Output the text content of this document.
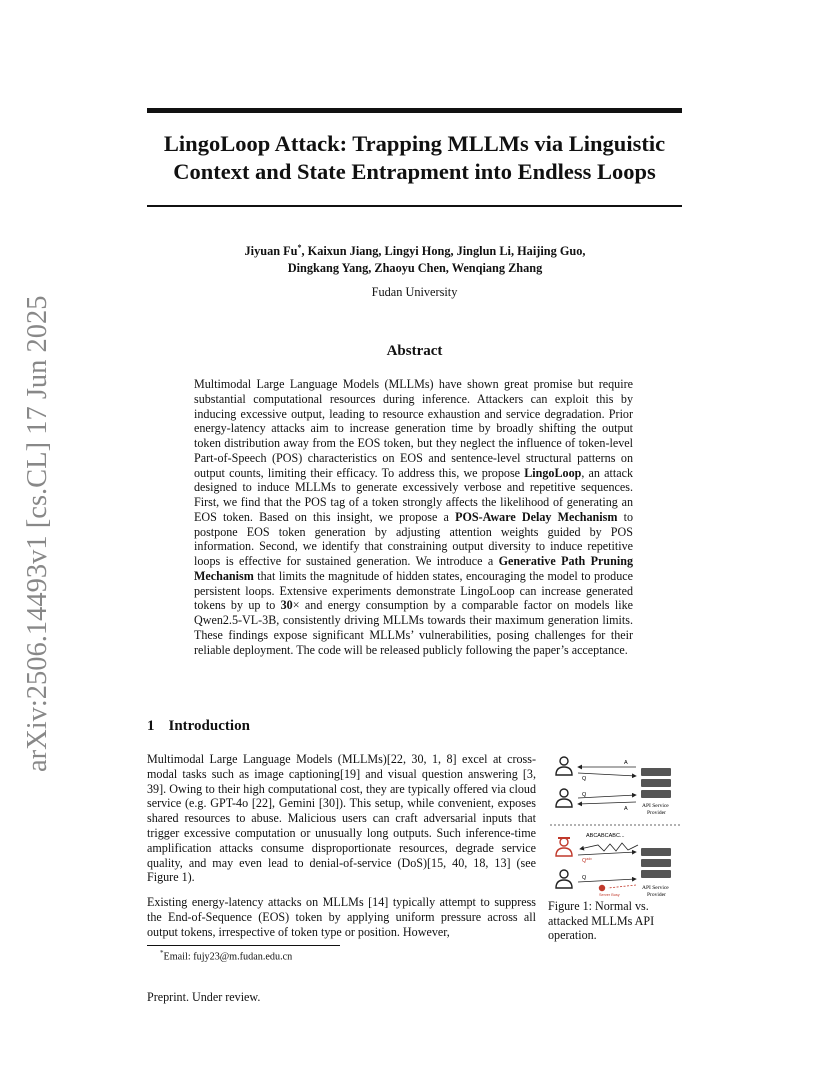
arXiv:2506.14493v1 [cs.CL] 17 Jun 2025
LingoLoop Attack: Trapping MLLMs via Linguistic
Context and State Entrapment into Endless Loops
Jiyuan Fu*, Kaixun Jiang, Lingyi Hong, Jinglun Li, Haijing Guo,
Dingkang Yang, Zhaoyu Chen, Wenqiang Zhang
Fudan University
Abstract

Multimodal Large Language Models (MLLMs) have shown great promise but require substantial computational resources during inference. Attackers can exploit this by inducing excessive output, leading to resource exhaustion and service degradation. Prior energy-latency attacks aim to increase generation time by broadly shifting the output token distribution away from the EOS token, but they neglect the influence of token-level Part-of-Speech (POS) characteristics on EOS and sentence-level structural patterns on output counts, limiting their efficacy. To address this, we propose LingoLoop, an attack designed to induce MLLMs to generate excessively verbose and repetitive sequences. First, we find that the POS tag of a token strongly affects the likelihood of generating an EOS token. Based on this insight, we propose a POS-Aware Delay Mechanism to postpone EOS token generation by adjusting attention weights guided by POS information. Second, we identify that constraining output diversity to induce repetitive loops is effective for sustained generation. We introduce a Generative Path Pruning Mechanism that limits the magnitude of hidden states, encouraging the model to produce persistent loops. Extensive experiments demonstrate LingoLoop can increase generated tokens by up to 30× and energy consumption by a comparable factor on models like Qwen2.5-VL-3B, consistently driving MLLMs towards their maximum generation limits. These findings expose significant MLLMs’ vulnerabilities, posing challenges for their reliable deployment. The code will be released publicly following the paper’s acceptance.

1 Introduction

Multimodal Large Language Models (MLLMs)[22, 30, 1, 8] excel at cross-modal tasks such as image captioning[19] and visual question answering [3, 39]. Owing to their high computational cost, they are typically offered via cloud service (e.g. GPT-4o [22], Gemini [30]). This setup, while convenient, exposes shared resources to abuse. Malicious users can craft adversarial inputs that trigger excessive computation or unusually long outputs. Such inference-time amplification attacks consume disproportionate resources, degrade service quality, and may even lead to denial-of-service (DoS)[15, 40, 18, 13] (see Figure 1).

Existing energy-latency attacks on MLLMs [14] typically attempt to suppress the End-of-Sequence (EOS) token by applying uniform pressure across all output tokens, irrespective of token type or position. However,

A
Q
Q
A	API Service
Provider
ABCABCABC...
$Q^{adv}$
Q
Server Busy
API Service
Provider

Figure 1: Normal vs. attacked MLLMs API operation.

*Email: fujy23@m.fudan.edu.cn
Preprint. Under review.
